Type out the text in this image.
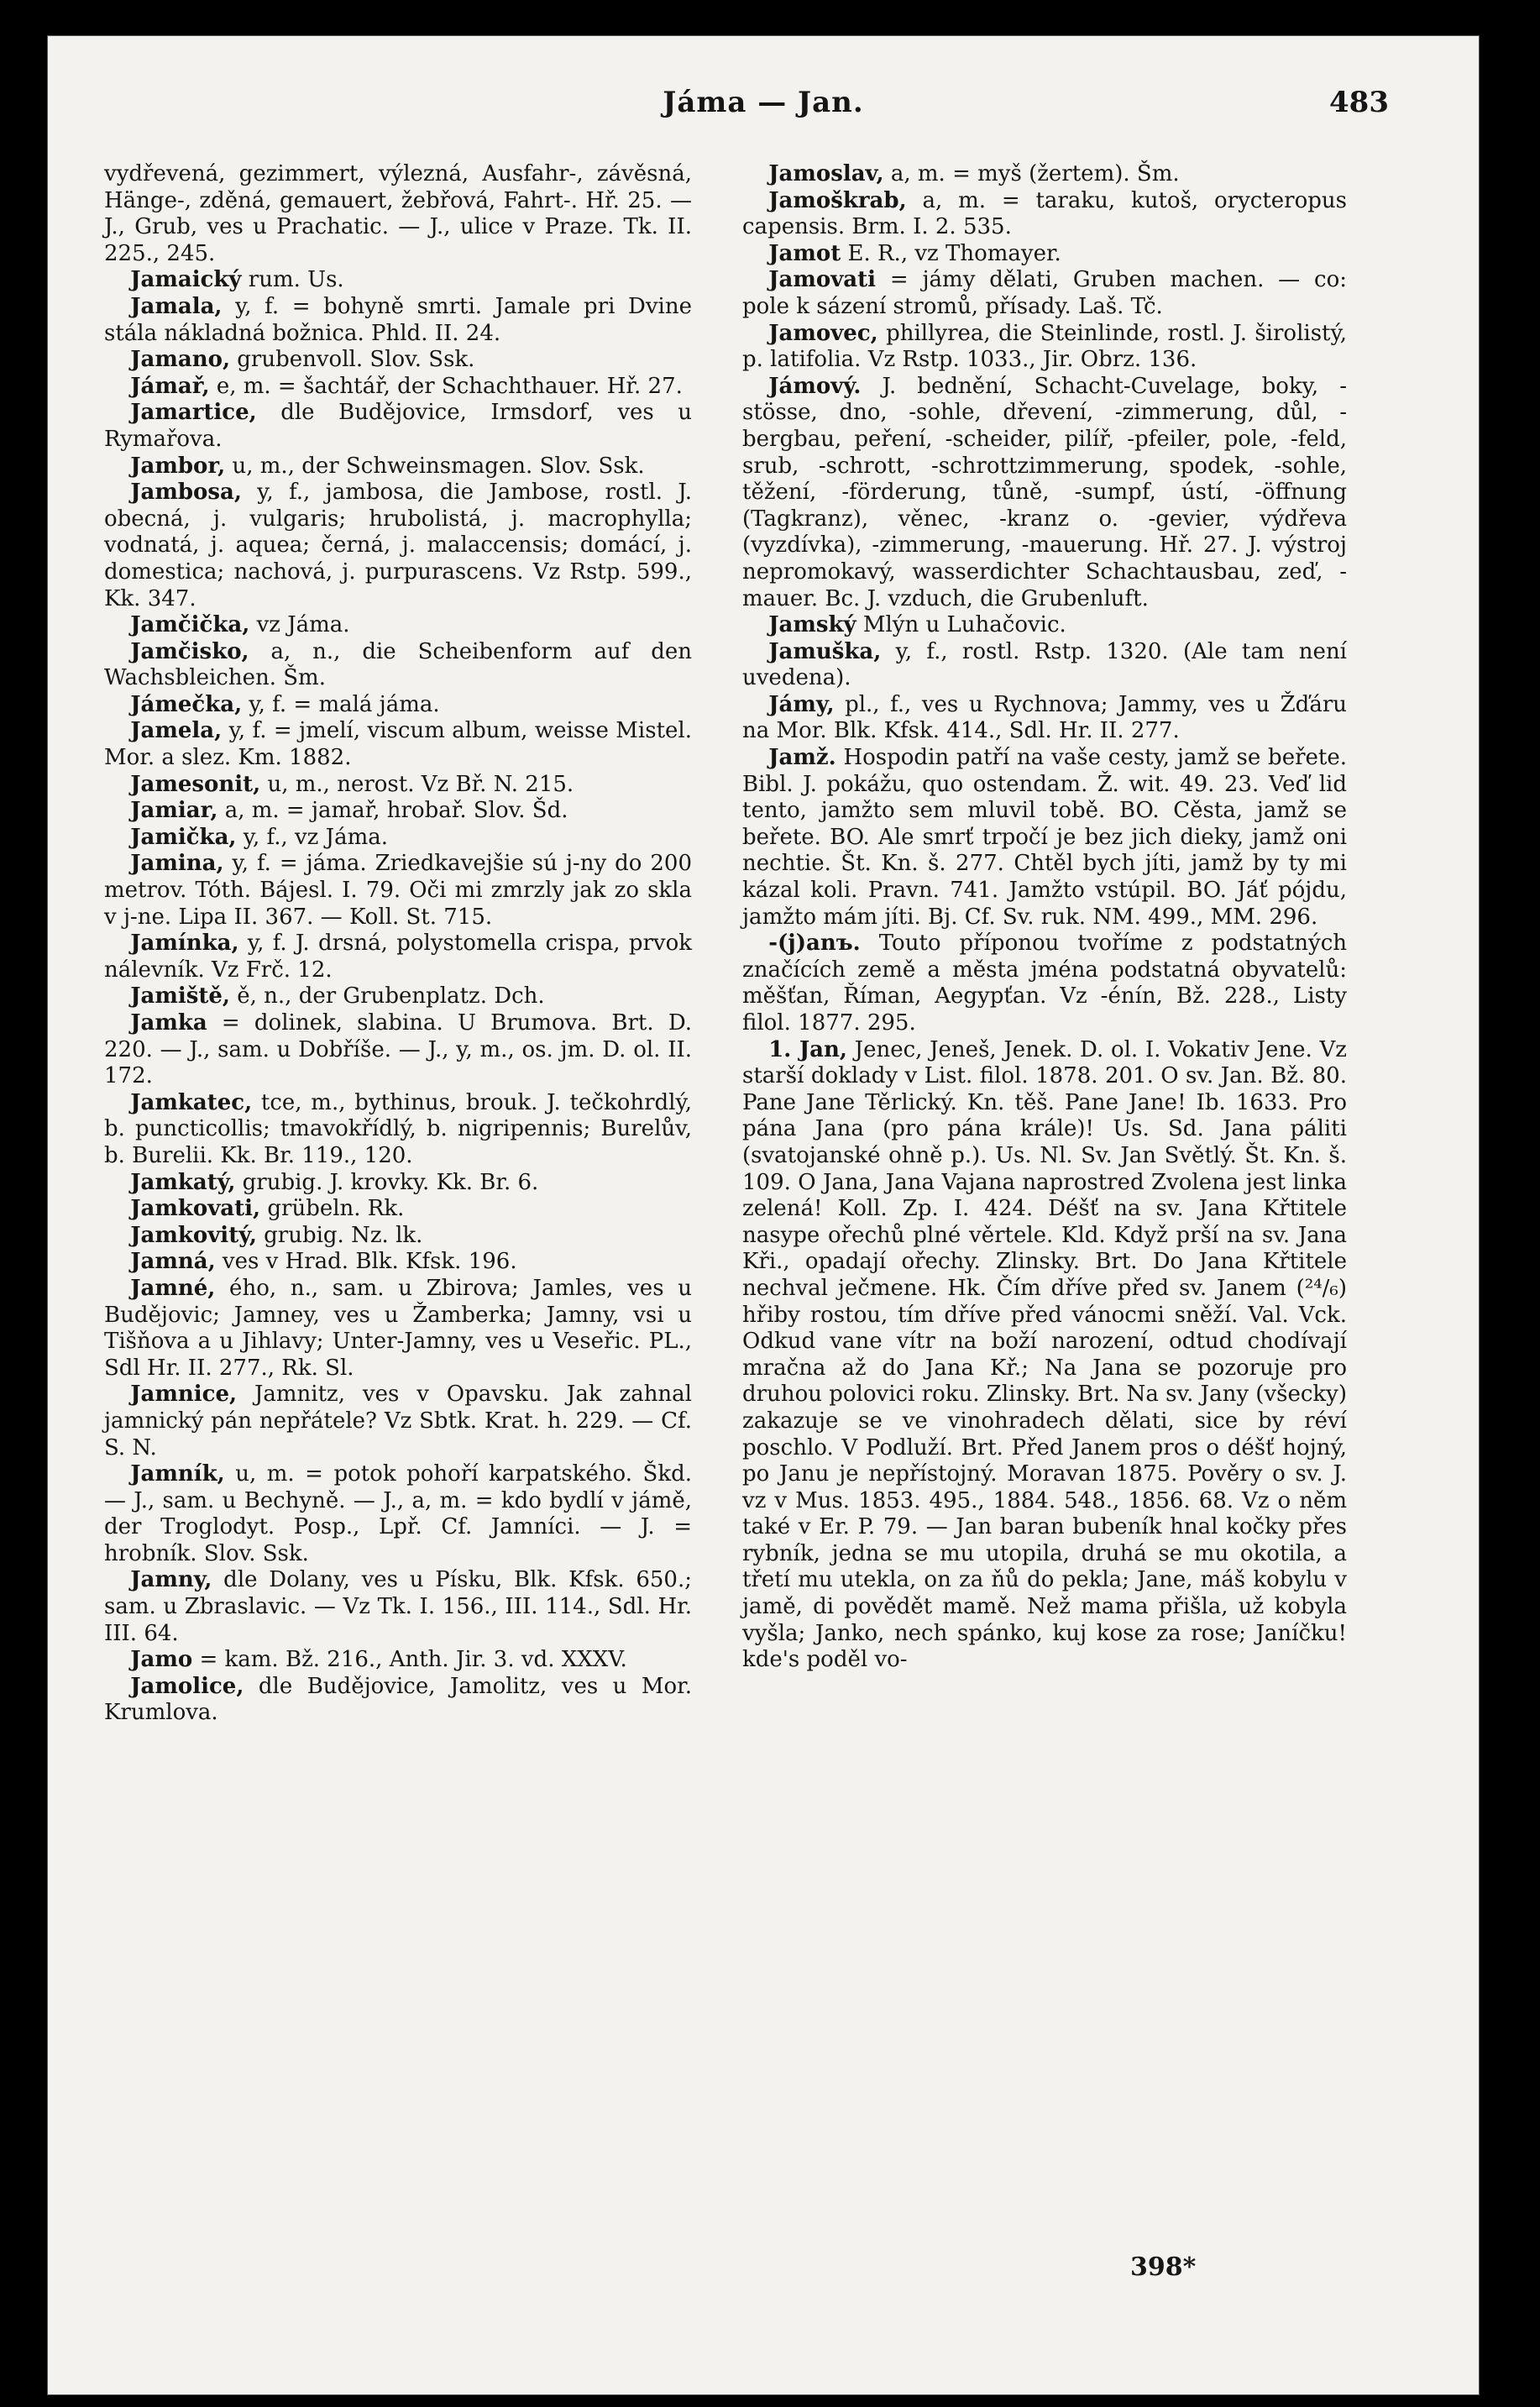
Jáma — Jan.	483
vydřevená, gezimmert, výlezná, Ausfahr-, závěsná, Hänge-, zděná, gemauert, žebřová, Fahrt-. Hř. 25. — J., Grub, ves u Prachatic. — J., ulice v Praze. Tk. II. 225., 245.
Jamaický rum. Us.
Jamala, y, f. = bohyně smrti. Jamale pri Dvine stála nákladná božnica. Phld. II. 24.
Jamano, grubenvoll. Slov. Ssk.
Jámař, e, m. = šachtář, der Schachthauer. Hř. 27.
Jamartice, dle Budějovice, Irmsdorf, ves u Rymařova.
Jambor, u, m., der Schweinsmagen. Slov. Ssk.
Jambosa, y, f., jambosa, die Jambose, rostl. J. obecná, j. vulgaris; hrubolistá, j. macrophylla; vodnatá, j. aquea; černá, j. malaccensis; domácí, j. domestica; nachová, j. purpurascens. Vz Rstp. 599., Kk. 347.
Jamčička, vz Jáma.
Jamčisko, a, n., die Scheibenform auf den Wachsbleichen. Šm.
Jámečka, y, f. = malá jáma.
Jamela, y, f. = jmelí, viscum album, weisse Mistel. Mor. a slez. Km. 1882.
Jamesonit, u, m., nerost. Vz Bř. N. 215.
Jamiar, a, m. = jamař, hrobař. Slov. Šd.
Jamička, y, f., vz Jáma.
Jamina, y, f. = jáma. Zriedkavejšie sú j-ny do 200 metrov. Tóth. Bájesl. I. 79. Oči mi zmrzly jak zo skla v j-ne. Lipa II. 367. — Koll. St. 715.
Jamínka, y, f. J. drsná, polystomella crispa, prvok nálevník. Vz Frč. 12.
Jamiště, ě, n., der Grubenplatz. Dch.
Jamka = dolinek, slabina. U Brumova. Brt. D. 220. — J., sam. u Dobříše. — J., y, m., os. jm. D. ol. II. 172.
Jamkatec, tce, m., bythinus, brouk. J. tečkohrdlý, b. puncticollis; tmavokřídlý, b. nigripennis; Burelův, b. Burelii. Kk. Br. 119., 120.
Jamkatý, grubig. J. krovky. Kk. Br. 6.
Jamkovati, grübeln. Rk.
Jamkovitý, grubig. Nz. lk.
Jamná, ves v Hrad. Blk. Kfsk. 196.
Jamné, ého, n., sam. u Zbirova; Jamles, ves u Budějovic; Jamney, ves u Žamberka; Jamny, vsi u Tišňova a u Jihlavy; Unter-Jamny, ves u Veseřic. PL., Sdl Hr. II. 277., Rk. Sl.
Jamnice, Jamnitz, ves v Opavsku. Jak zahnal jamnický pán nepřátele? Vz Sbtk. Krat. h. 229. — Cf. S. N.
Jamník, u, m. = potok pohoří karpatského. Škd. — J., sam. u Bechyně. — J., a, m. = kdo bydlí v jámě, der Troglodyt. Posp., Lpř. Cf. Jamníci. — J. = hrobník. Slov. Ssk.
Jamny, dle Dolany, ves u Písku, Blk. Kfsk. 650.; sam. u Zbraslavic. — Vz Tk. I. 156., III. 114., Sdl. Hr. III. 64.
Jamo = kam. Bž. 216., Anth. Jir. 3. vd. XXXV.
Jamolice, dle Budějovice, Jamolitz, ves u Mor. Krumlova.
Jamoslav, a, m. = myš (žertem). Šm.
Jamoškrab, a, m. = taraku, kutoš, orycteropus capensis. Brm. I. 2. 535.
Jamot E. R., vz Thomayer.
Jamovati = jámy dělati, Gruben machen. — co: pole k sázení stromů, přísady. Laš. Tč.
Jamovec, phillyrea, die Steinlinde, rostl. J. širolistý, p. latifolia. Vz Rstp. 1033., Jir. Obrz. 136.
Jámový. J. bednění, Schacht-Cuvelage, boky, -stösse, dno, -sohle, dřevení, -zimmerung, důl, -bergbau, peření, -scheider, pilíř, -pfeiler, pole, -feld, srub, -schrott, -schrottzimmerung, spodek, -sohle, těžení, -förderung, tůně, -sumpf, ústí, -öffnung (Tagkranz), věnec, -kranz o. -gevier, výdřeva (vyzdívka), -zimmerung, -mauerung. Hř. 27. J. výstroj nepromokavý, wasserdichter Schachtausbau, zeď, -mauer. Bc. J. vzduch, die Grubenluft.
Jamský Mlýn u Luhačovic.
Jamuška, y, f., rostl. Rstp. 1320. (Ale tam není uvedena).
Jámy, pl., f., ves u Rychnova; Jammy, ves u Žďáru na Mor. Blk. Kfsk. 414., Sdl. Hr. II. 277.
Jamž. Hospodin patří na vaše cesty, jamž se beřete. Bibl. J. pokážu, quo ostendam. Ž. wit. 49. 23. Veď lid tento, jamžto sem mluvil tobě. BO. Cěsta, jamž se beřete. BO. Ale smrť trpočí je bez jich dieky, jamž oni nechtie. Št. Kn. š. 277. Chtěl bych jíti, jamž by ty mi kázal koli. Pravn. 741. Jamžto vstúpil. BO. Jáť pójdu, jamžto mám jíti. Bj. Cf. Sv. ruk. NM. 499., MM. 296.
-(j)anъ. Touto příponou tvoříme z podstatných značících země a města jména podstatná obyvatelů: měšťan, Říman, Aegypťan. Vz -énín, Bž. 228., Listy filol. 1877. 295.
1. Jan, Jenec, Jeneš, Jenek. D. ol. I. Vokativ Jene. Vz starší doklady v List. filol. 1878. 201. O sv. Jan. Bž. 80. Pane Jane Těrlický. Kn. těš. Pane Jane! Ib. 1633. Pro pána Jana (pro pána krále)! Us. Sd. Jana páliti (svatojanské ohně p.). Us. Nl. Sv. Jan Světlý. Št. Kn. š. 109. O Jana, Jana Vajana naprostred Zvolena jest linka zelená! Koll. Zp. I. 424. Déšť na sv. Jana Křtitele nasype ořechů plné věrtele. Kld. Když prší na sv. Jana Kři., opadají ořechy. Zlinsky. Brt. Do Jana Křtitele nechval ječmene. Hk. Čím dříve před sv. Janem (²⁴/₆) hřiby rostou, tím dříve před vánocmi sněží. Val. Vck. Odkud vane vítr na boží narození, odtud chodívají mračna až do Jana Kř.; Na Jana se pozoruje pro druhou polovici roku. Zlinsky. Brt. Na sv. Jany (všecky) zakazuje se ve vinohradech dělati, sice by réví poschlo. V Podluží. Brt. Před Janem pros o déšť hojný, po Janu je nepřístojný. Moravan 1875. Pověry o sv. J. vz v Mus. 1853. 495., 1884. 548., 1856. 68. Vz o něm také v Er. P. 79. — Jan baran bubeník hnal kočky přes rybník, jedna se mu utopila, druhá se mu okotila, a třetí mu utekla, on za ňů do pekla; Jane, máš kobylu v jamě, di povědět mamě. Než mama přišla, už kobyla vyšla; Janko, nech spánko, kuj kose za rose; Janíčku! kde's poděl vo-
398*
